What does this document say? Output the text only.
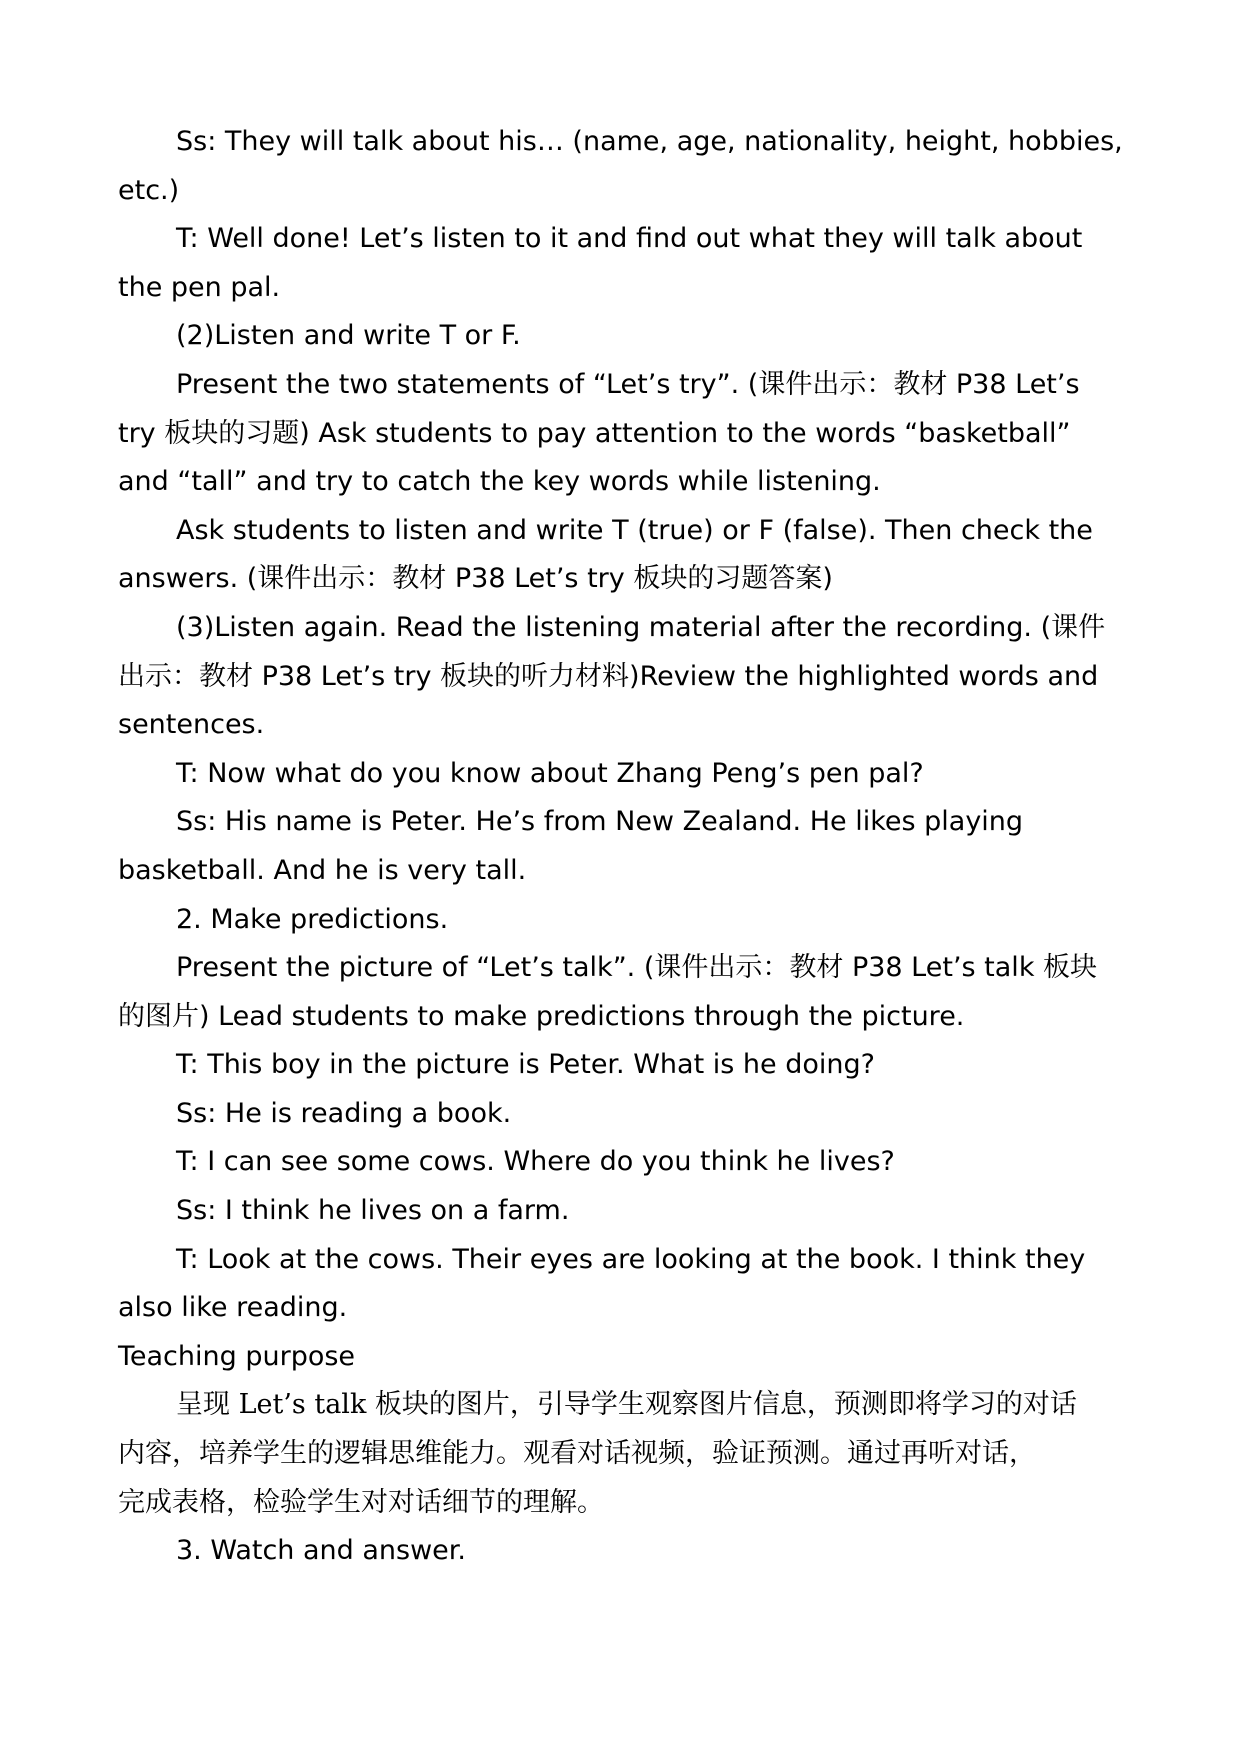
Ss: They will talk about his… (name, age, nationality, height, hobbies,

etc.)

T: Well done! Let’s listen to it and find out what they will talk about

the pen pal.

(2)Listen and write T or F.

Present the two statements of “Let’s try”. (课件出示：教材 P38 Let’s

try 板块的习题) Ask students to pay attention to the words “basketball”

and “tall” and try to catch the key words while listening.

Ask students to listen and write T (true) or F (false). Then check the

answers. (课件出示：教材 P38 Let’s try 板块的习题答案)

(3)Listen again. Read the listening material after the recording. (课件

出示：教材 P38 Let’s try 板块的听力材料)Review the highlighted words and

sentences.

T: Now what do you know about Zhang Peng’s pen pal?

Ss: His name is Peter. He’s from New Zealand. He likes playing

basketball. And he is very tall.

2. Make predictions.

Present the picture of “Let’s talk”. (课件出示：教材 P38 Let’s talk 板块

的图片) Lead students to make predictions through the picture.

T: This boy in the picture is Peter. What is he doing?

Ss: He is reading a book.

T: I can see some cows. Where do you think he lives?

Ss: I think he lives on a farm.

T: Look at the cows. Their eyes are looking at the book. I think they

also like reading.

Teaching purpose

呈现 Let’s talk 板块的图片，引导学生观察图片信息，预测即将学习的对话

内容，培养学生的逻辑思维能力。观看对话视频，验证预测。通过再听对话，

完成表格，检验学生对对话细节的理解。

3. Watch and answer.
